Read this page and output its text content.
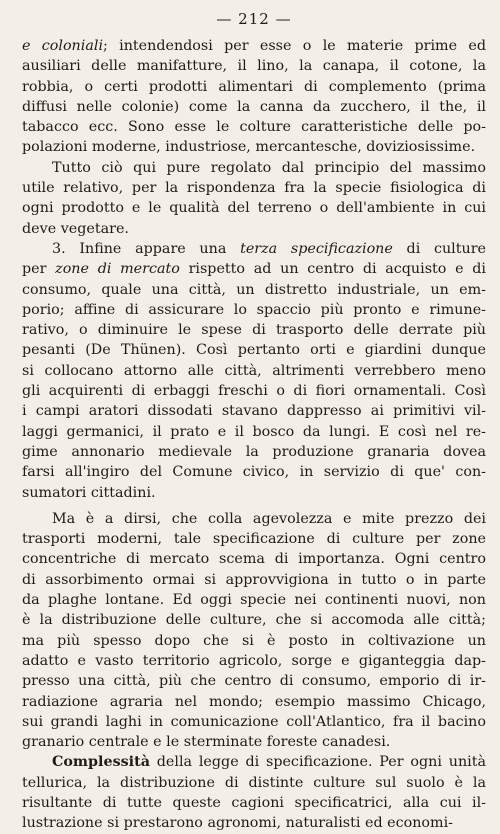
— 212 —
e coloniali; intendendosi per esse o le materie prime ed
ausiliari delle manifatture, il lino, la canapa, il cotone, la
robbia, o certi prodotti alimentari di complemento (prima
diffusi nelle colonie) come la canna da zucchero, il the, il
tabacco ecc. Sono esse le colture caratteristiche delle po-
polazioni moderne, industriose, mercantesche, doviziosissime.
Tutto ciò qui pure regolato dal principio del massimo
utile relativo, per la rispondenza fra la specie fisiologica di
ogni prodotto e le qualità del terreno o dell'ambiente in cui
deve vegetare.
3. Infine appare una terza specificazione di culture
per zone di mercato rispetto ad un centro di acquisto e di
consumo, quale una città, un distretto industriale, un em-
porio; affine di assicurare lo spaccio più pronto e rimune-
rativo, o diminuire le spese di trasporto delle derrate più
pesanti (De Thünen). Così pertanto orti e giardini dunque
si collocano attorno alle città, altrimenti verrebbero meno
gli acquirenti di erbaggi freschi o di fiori ornamentali. Così
i campi aratori dissodati stavano dappresso ai primitivi vil-
laggi germanici, il prato e il bosco da lungi. E così nel re-
gime annonario medievale la produzione granaria dovea
farsi all'ingiro del Comune civico, in servizio di que' con-
sumatori cittadini.
Ma è a dirsi, che colla agevolezza e mite prezzo dei
trasporti moderni, tale specificazione di culture per zone
concentriche di mercato scema di importanza. Ogni centro
di assorbimento ormai si approvvigiona in tutto o in parte
da plaghe lontane. Ed oggi specie nei continenti nuovi, non
è la distribuzione delle culture, che si accomoda alle città;
ma più spesso dopo che si è posto in coltivazione un
adatto e vasto territorio agricolo, sorge e giganteggia dap-
presso una città, più che centro di consumo, emporio di ir-
radiazione agraria nel mondo; esempio massimo Chicago,
sui grandi laghi in comunicazione coll'Atlantico, fra il bacino
granario centrale e le sterminate foreste canadesi.
Complessità della legge di specificazione. Per ogni unità
tellurica, la distribuzione di distinte culture sul suolo è la
risultante di tutte queste cagioni specificatrici, alla cui il-
lustrazione si prestarono agronomi, naturalisti ed economi-
